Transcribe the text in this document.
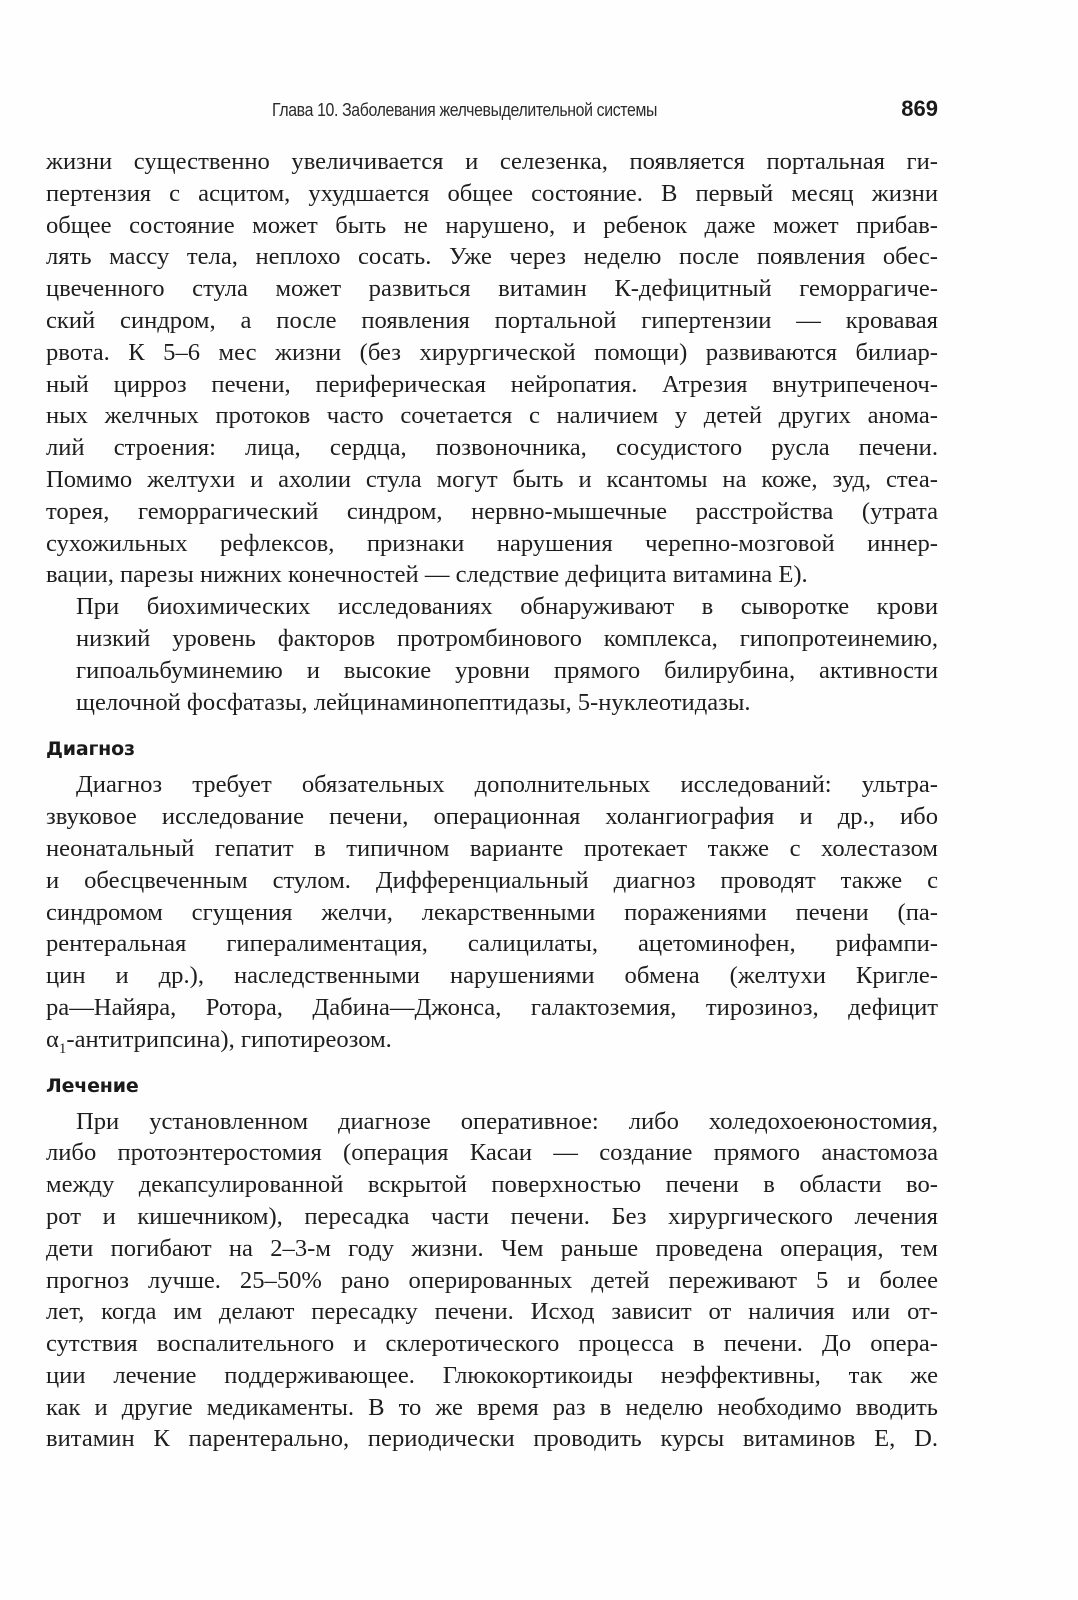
Глава 10. Заболевания желчевыделительной системы	869
жизни существенно увеличивается и селезенка, появляется портальная ги-
пертензия с асцитом, ухудшается общее состояние. В первый месяц жизни
общее состояние может быть не нарушено, и ребенок даже может прибав-
лять массу тела, неплохо сосать. Уже через неделю после появления обес-
цвеченного стула может развиться витамин К-дефицитный геморрагиче-
ский синдром, а после появления портальной гипертензии — кровавая
рвота. К 5–6 мес жизни (без хирургической помощи) развиваются билиар-
ный цирроз печени, периферическая нейропатия. Атрезия внутрипеченоч-
ных желчных протоков часто сочетается с наличием у детей других анома-
лий строения: лица, сердца, позвоночника, сосудистого русла печени.
Помимо желтухи и ахолии стула могут быть и ксантомы на коже, зуд, стеа-
торея, геморрагический синдром, нервно-мышечные расстройства (утрата
сухожильных рефлексов, признаки нарушения черепно-мозговой иннер-
вации, парезы нижних конечностей — следствие дефицита витамина Е).
При биохимических исследованиях обнаруживают в сыворотке крови
низкий уровень факторов протромбинового комплекса, гипопротеинемию,
гипоальбуминемию и высокие уровни прямого билирубина, активности
щелочной фосфатазы, лейцинаминопептидазы, 5-нуклеотидазы.
Диагноз
Диагноз требует обязательных дополнительных исследований: ультра-
звуковое исследование печени, операционная холангиография и др., ибо
неонатальный гепатит в типичном варианте протекает также с холестазом
и обесцвеченным стулом. Дифференциальный диагноз проводят также с
синдромом сгущения желчи, лекарственными поражениями печени (па-
рентеральная гипералиментация, салицилаты, ацетоминофен, рифампи-
цин и др.), наследственными нарушениями обмена (желтухи Криглe-
ра—Найяра, Ротора, Дабина—Джонса, галактоземия, тирозиноз, дефицит
$\alpha_1-антитрипсина$), гипотиреозом.
Лечение
При установленном диагнозе оперативное: либо холедохоеюностомия,
либо протоэнтеростомия (операция Касаи — создание прямого анастомоза
между декапсулированной вскрытой поверхностью печени в области во-
рот и кишечником), пересадка части печени. Без хирургического лечения
дети погибают на 2–3-м году жизни. Чем раньше проведена операция, тем
прогноз лучше. 25–50% рано оперированных детей переживают 5 и более
лет, когда им делают пересадку печени. Исход зависит от наличия или от-
сутствия воспалительного и склеротического процесса в печени. До опера-
ции лечение поддерживающее. Глюкокортикоиды неэффективны, так же
как и другие медикаменты. В то же время раз в неделю необходимо вводить
витамин К парентерально, периодически проводить курсы витаминов Е, D.
